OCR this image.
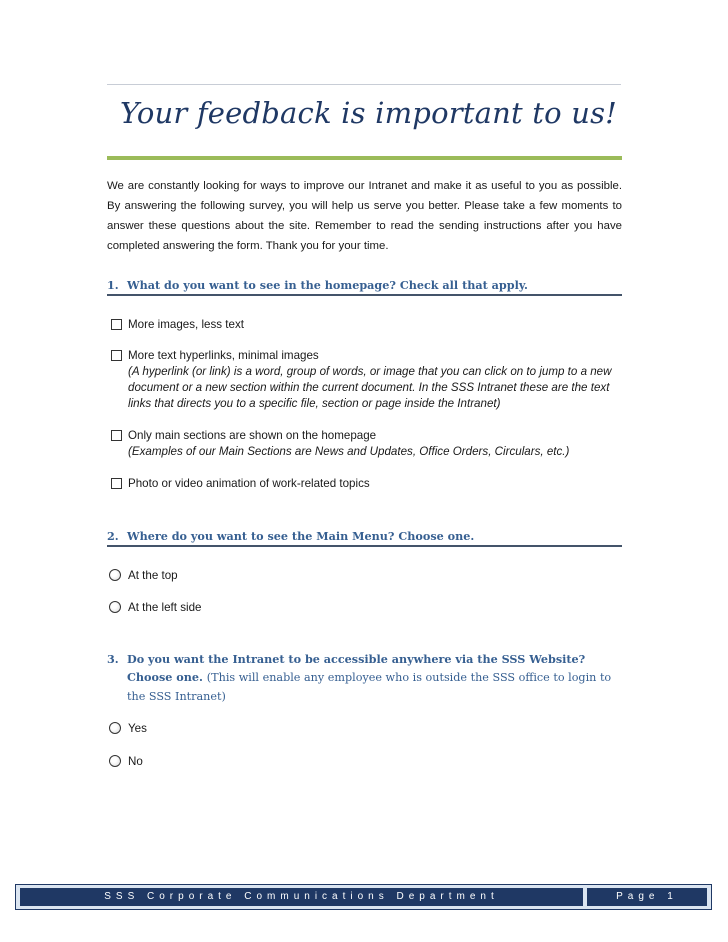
Your feedback is important to us!
We are constantly looking for ways to improve our Intranet and make it as useful to you as possible. By answering the following survey, you will help us serve you better. Please take a few moments to answer these questions about the site. Remember to read the sending instructions after you have completed answering the form. Thank you for your time.
1. What do you want to see in the homepage? Check all that apply.
More images, less text
More text hyperlinks, minimal images
(A hyperlink (or link) is a word, group of words, or image that you can click on to jump to a new document or a new section within the current document. In the SSS Intranet these are the text links that directs you to a specific file, section or page inside the Intranet)
Only main sections are shown on the homepage
(Examples of our Main Sections are News and Updates, Office Orders, Circulars, etc.)
Photo or video animation of work-related topics
2. Where do you want to see the Main Menu? Choose one.
At the top
At the left side
3. Do you want the Intranet to be accessible anywhere via the SSS Website? Choose one. (This will enable any employee who is outside the SSS office to login to the SSS Intranet)
Yes
No
SSS Corporate Communications Department	Page 1
